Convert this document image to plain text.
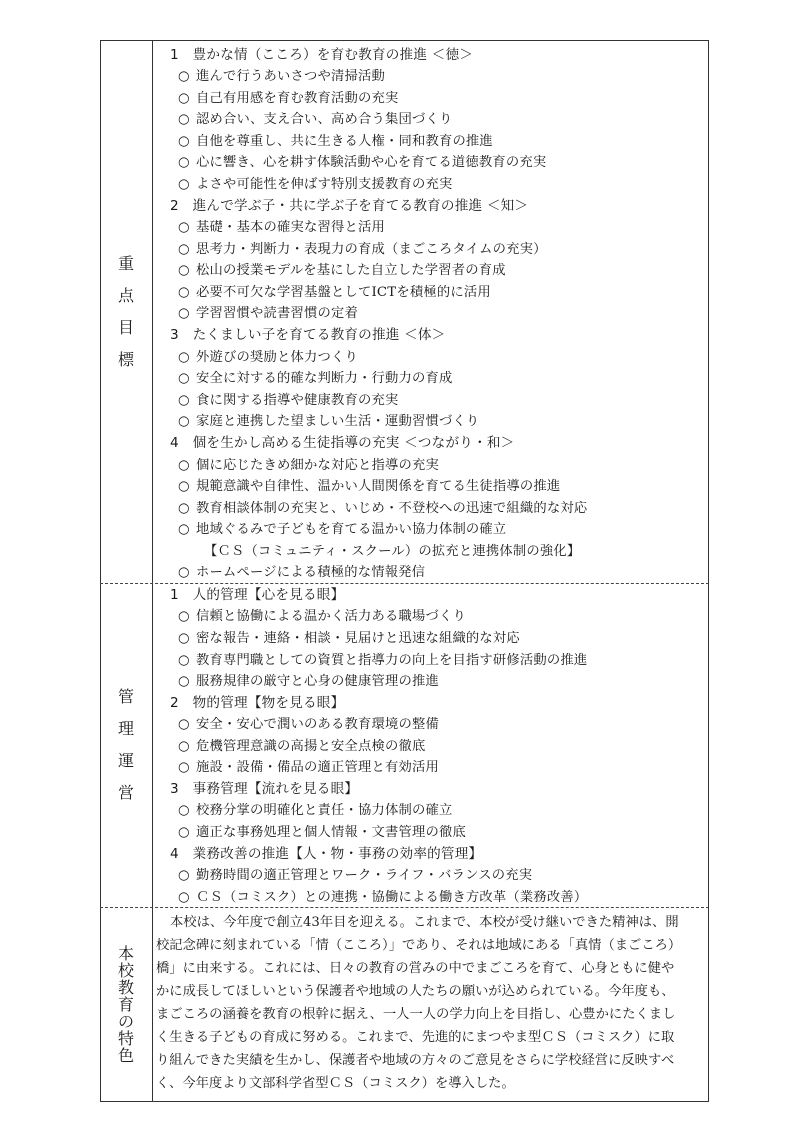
重
点
目
標
管
理
運
営
本
校
教
育
の
特
色
1　豊かな情（こころ）を育む教育の推進 ＜徳＞
○ 進んで行うあいさつや清掃活動
○ 自己有用感を育む教育活動の充実
○ 認め合い、支え合い、高め合う集団づくり
○ 自他を尊重し、共に生きる人権・同和教育の推進
○ 心に響き、心を耕す体験活動や心を育てる道徳教育の充実
○ よさや可能性を伸ばす特別支援教育の充実
2　進んで学ぶ子・共に学ぶ子を育てる教育の推進 ＜知＞
○ 基礎・基本の確実な習得と活用
○ 思考力・判断力・表現力の育成（まごころタイムの充実）
○ 松山の授業モデルを基にした自立した学習者の育成
○ 必要不可欠な学習基盤としてICTを積極的に活用
○ 学習習慣や読書習慣の定着
3　たくましい子を育てる教育の推進 ＜体＞
○ 外遊びの奨励と体力つくり
○ 安全に対する的確な判断力・行動力の育成
○ 食に関する指導や健康教育の充実
○ 家庭と連携した望ましい生活・運動習慣づくり
4　個を生かし高める生徒指導の充実 ＜つながり・和＞
○ 個に応じたきめ細かな対応と指導の充実
○ 規範意識や自律性、温かい人間関係を育てる生徒指導の推進
○ 教育相談体制の充実と、いじめ・不登校への迅速で組織的な対応
○ 地域ぐるみで子どもを育てる温かい協力体制の確立
【ＣＳ（コミュニティ・スクール）の拡充と連携体制の強化】
○ ホームページによる積極的な情報発信
1　人的管理【心を見る眼】
○ 信頼と協働による温かく活力ある職場づくり
○ 密な報告・連絡・相談・見届けと迅速な組織的な対応
○ 教育専門職としての資質と指導力の向上を目指す研修活動の推進
○ 服務規律の厳守と心身の健康管理の推進
2　物的管理【物を見る眼】
○ 安全・安心で潤いのある教育環境の整備
○ 危機管理意識の高揚と安全点検の徹底
○ 施設・設備・備品の適正管理と有効活用
3　事務管理【流れを見る眼】
○ 校務分掌の明確化と責任・協力体制の確立
○ 適正な事務処理と個人情報・文書管理の徹底
4　業務改善の推進【人・物・事務の効率的管理】
○ 勤務時間の適正管理とワーク・ライフ・バランスの充実
○ ＣＳ（コミスク）との連携・協働による働き方改革（業務改善）
本校は、今年度で創立43年目を迎える。これまで、本校が受け継いできた精神は、開
校記念碑に刻まれている「情（こころ）」であり、それは地域にある「真情（まごころ）
橋」に由来する。これには、日々の教育の営みの中でまごころを育て、心身ともに健や
かに成長してほしいという保護者や地域の人たちの願いが込められている。今年度も、
まごころの涵養を教育の根幹に据え、一人一人の学力向上を目指し、心豊かにたくまし
く生きる子どもの育成に努める。これまで、先進的にまつやま型ＣＳ（コミスク）に取
り組んできた実績を生かし、保護者や地域の方々のご意見をさらに学校経営に反映すべ
く、今年度より文部科学省型ＣＳ（コミスク）を導入した。
